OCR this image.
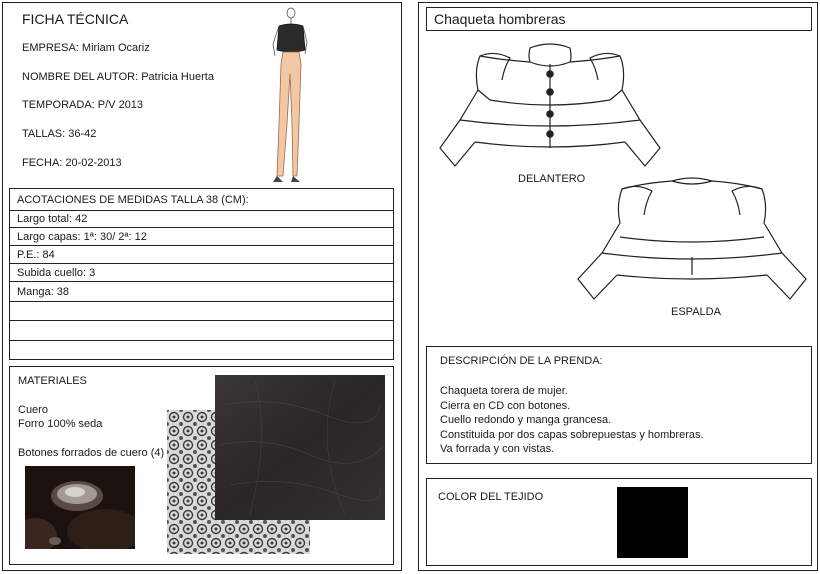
FICHA TÉCNICA
EMPRESA: Miriam Ocariz
NOMBRE DEL AUTOR: Patricia Huerta
TEMPORADA: P/V 2013
TALLAS: 36-42
FECHA: 20-02-2013
ACOTACIONES DE MEDIDAS TALLA 38 (CM):
Largo total: 42
Largo capas: 1ª: 30/ 2ª: 12
P.E.: 84
Subida cuello: 3
Manga: 38
MATERIALES
Cuero
Forro 100% seda
Botones forrados de cuero (4)
Chaqueta hombreras
DELANTERO
ESPALDA
DESCRIPCIÓN DE LA PRENDA:
Chaqueta torera de mujer.
Cierra en CD con botones.
Cuello redondo y manga grancesa.
Constituida por dos capas sobrepuestas y hombreras.
Va forrada y con vistas.
COLOR DEL TEJIDO
